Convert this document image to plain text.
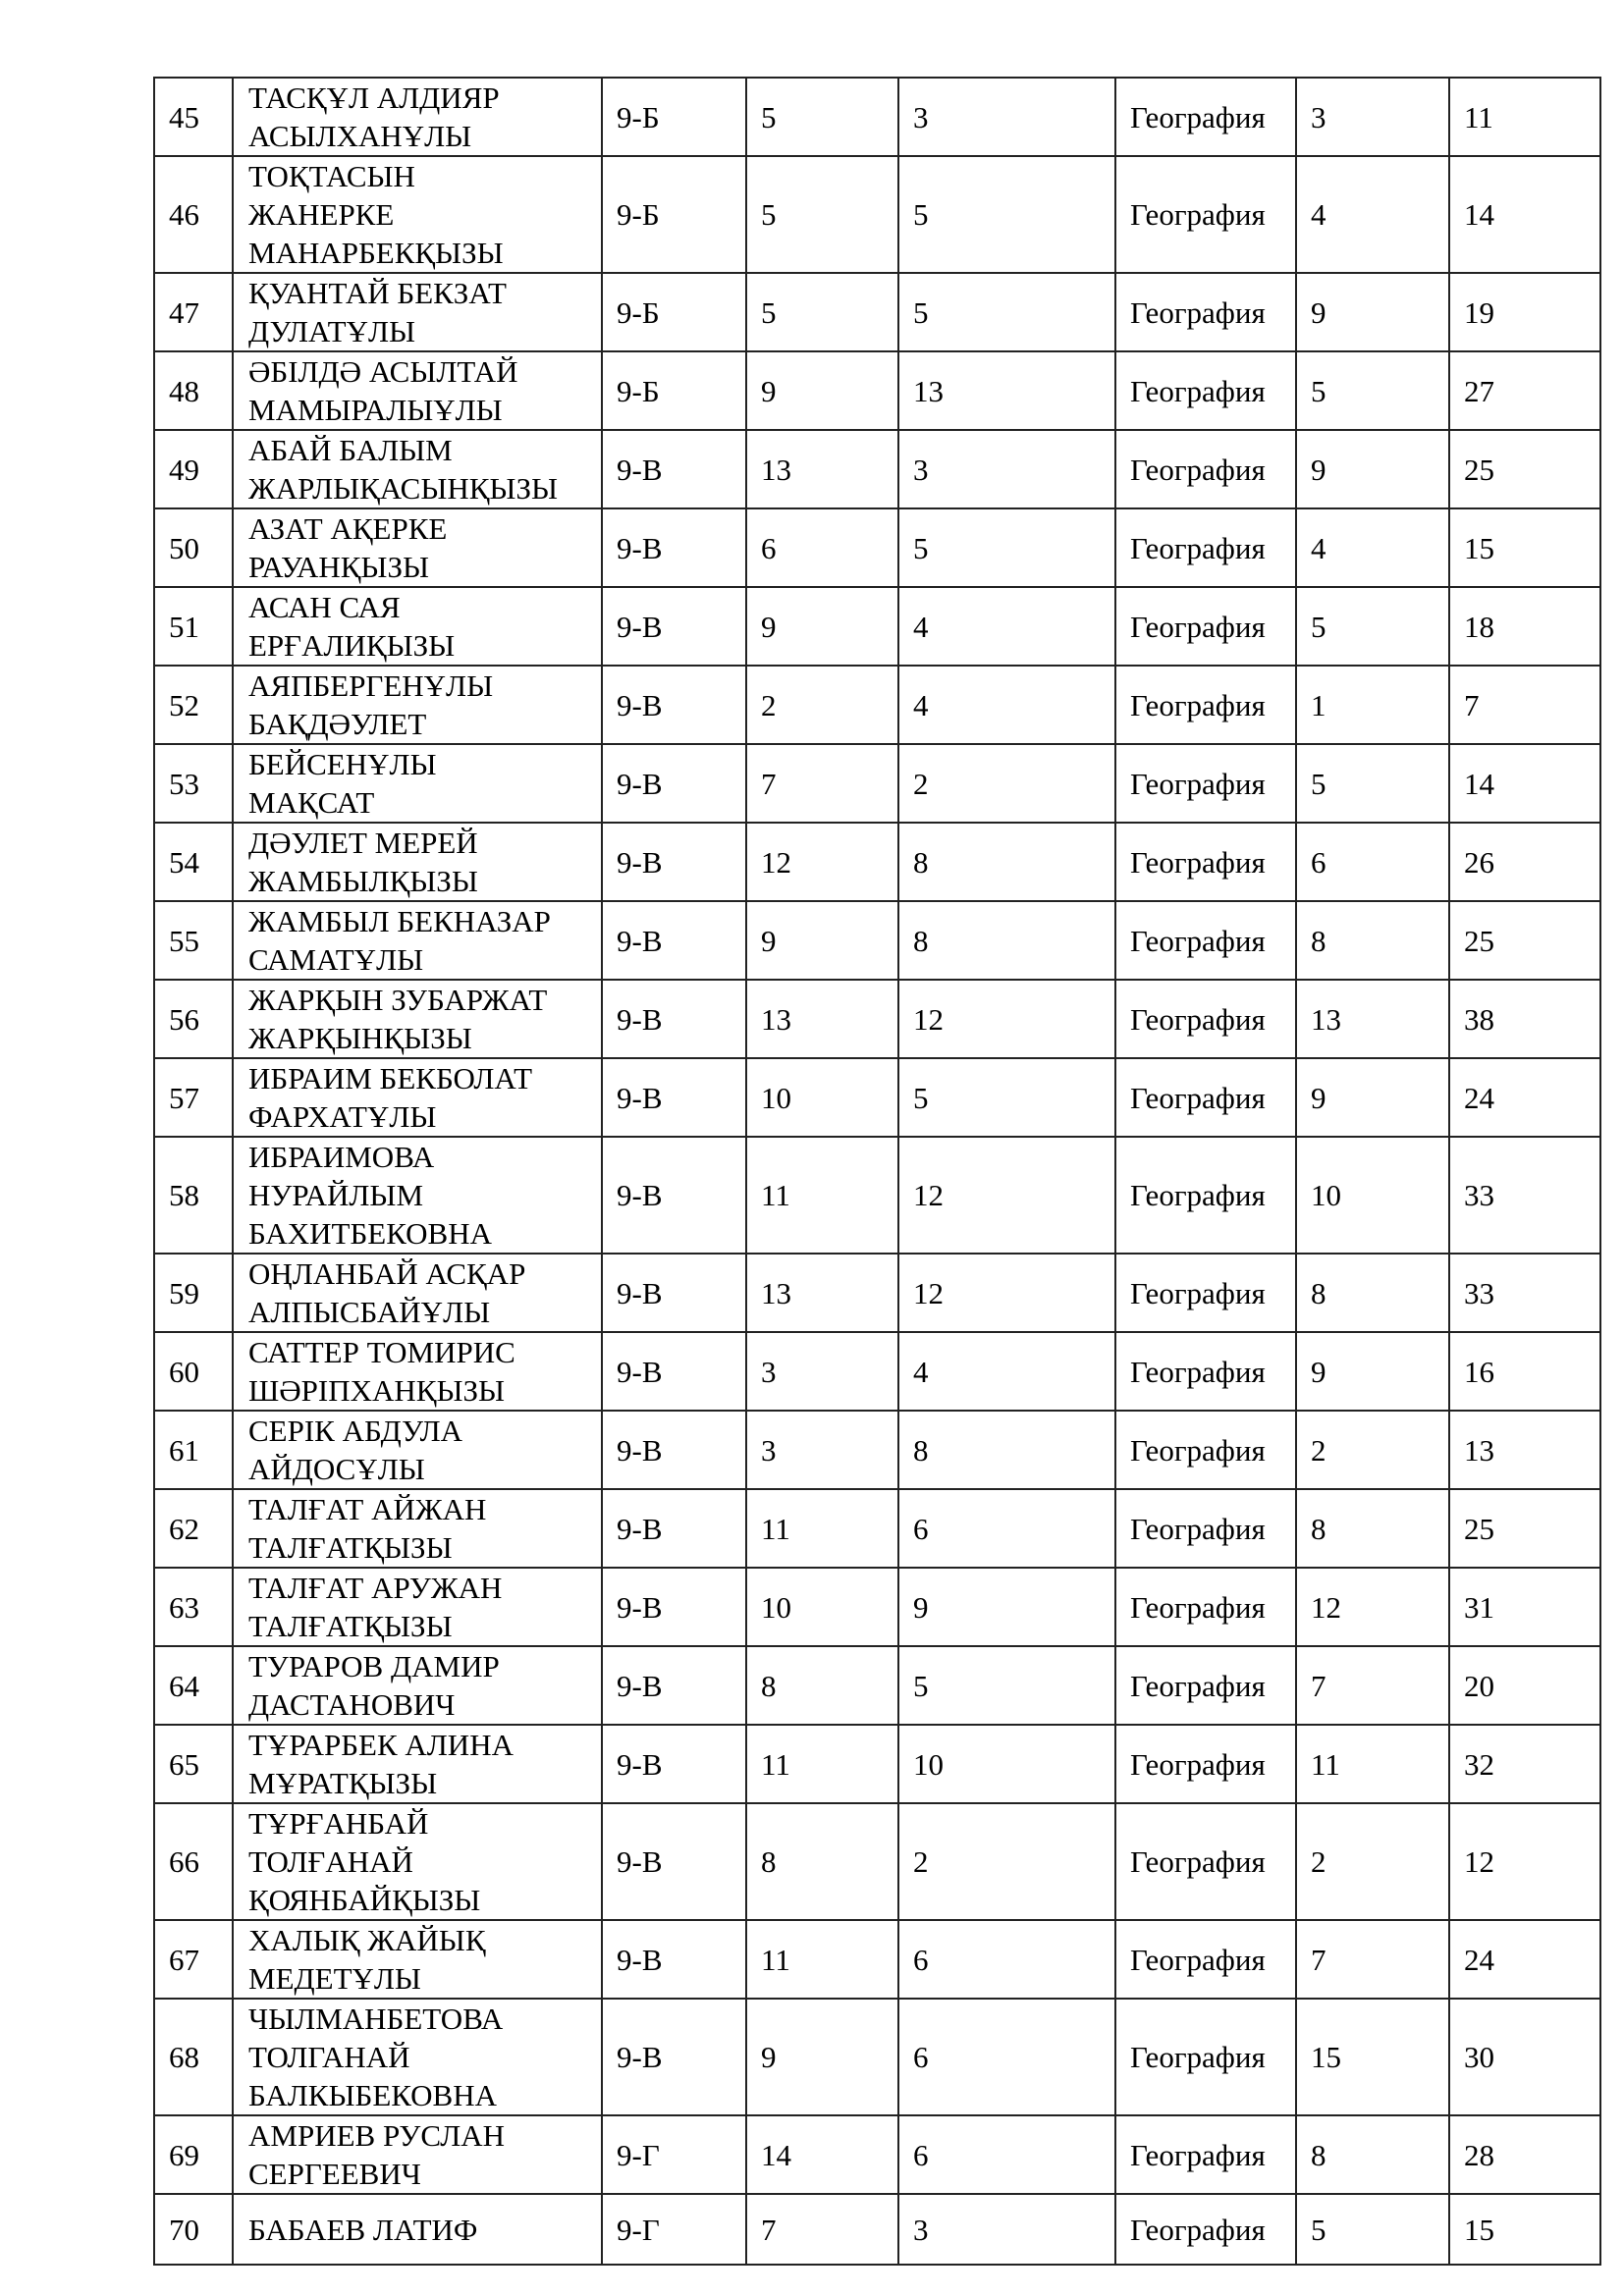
45	ТАСҚҰЛ АЛДИЯР
АСЫЛХАНҰЛЫ	9-Б	5	3	География	3	11
46	ТОҚТАСЫН
ЖАНЕРКЕ
МАНАРБЕКҚЫЗЫ	9-Б	5	5	География	4	14
47	ҚУАНТАЙ БЕКЗАТ
ДУЛАТҰЛЫ	9-Б	5	5	География	9	19
48	ӘБІЛДӘ АСЫЛТАЙ
МАМЫРАЛЫҰЛЫ	9-Б	9	13	География	5	27
49	АБАЙ БАЛЫМ
ЖАРЛЫҚАСЫНҚЫЗЫ	9-В	13	3	География	9	25
50	АЗАТ АҚЕРКЕ
РАУАНҚЫЗЫ	9-В	6	5	География	4	15
51	АСАН САЯ
ЕРҒАЛИҚЫЗЫ	9-В	9	4	География	5	18
52	АЯПБЕРГЕНҰЛЫ
БАҚДӘУЛЕТ	9-В	2	4	География	1	7
53	БЕЙСЕНҰЛЫ
МАҚСАТ	9-В	7	2	География	5	14
54	ДӘУЛЕТ МЕРЕЙ
ЖАМБЫЛҚЫЗЫ	9-В	12	8	География	6	26
55	ЖАМБЫЛ БЕКНАЗАР
САМАТҰЛЫ	9-В	9	8	География	8	25
56	ЖАРҚЫН ЗУБАРЖАТ
ЖАРҚЫНҚЫЗЫ	9-В	13	12	География	13	38
57	ИБРАИМ БЕКБОЛАТ
ФАРХАТҰЛЫ	9-В	10	5	География	9	24
58	ИБРАИМОВА
НУРАЙЛЫМ
БАХИТБЕКОВНА	9-В	11	12	География	10	33
59	ОҢЛАНБАЙ АСҚАР
АЛПЫСБАЙҰЛЫ	9-В	13	12	География	8	33
60	САТТЕР ТОМИРИС
ШӘРІПХАНҚЫЗЫ	9-В	3	4	География	9	16
61	СЕРІК АБДУЛА
АЙДОСҰЛЫ	9-В	3	8	География	2	13
62	ТАЛҒАТ АЙЖАН
ТАЛҒАТҚЫЗЫ	9-В	11	6	География	8	25
63	ТАЛҒАТ АРУЖАН
ТАЛҒАТҚЫЗЫ	9-В	10	9	География	12	31
64	ТУРАРОВ ДАМИР
ДАСТАНОВИЧ	9-В	8	5	География	7	20
65	ТҰРАРБЕК АЛИНА
МҰРАТҚЫЗЫ	9-В	11	10	География	11	32
66	ТҰРҒАНБАЙ
ТОЛҒАНАЙ
ҚОЯНБАЙҚЫЗЫ	9-В	8	2	География	2	12
67	ХАЛЫҚ ЖАЙЫҚ
МЕДЕТҰЛЫ	9-В	11	6	География	7	24
68	ЧЫЛМАНБЕТОВА
ТОЛГАНАЙ
БАЛКЫБЕКОВНА	9-В	9	6	География	15	30
69	АМРИЕВ РУСЛАН
СЕРГЕЕВИЧ	9-Г	14	6	География	8	28
70	БАБАЕВ ЛАТИФ	9-Г	7	3	География	5	15
